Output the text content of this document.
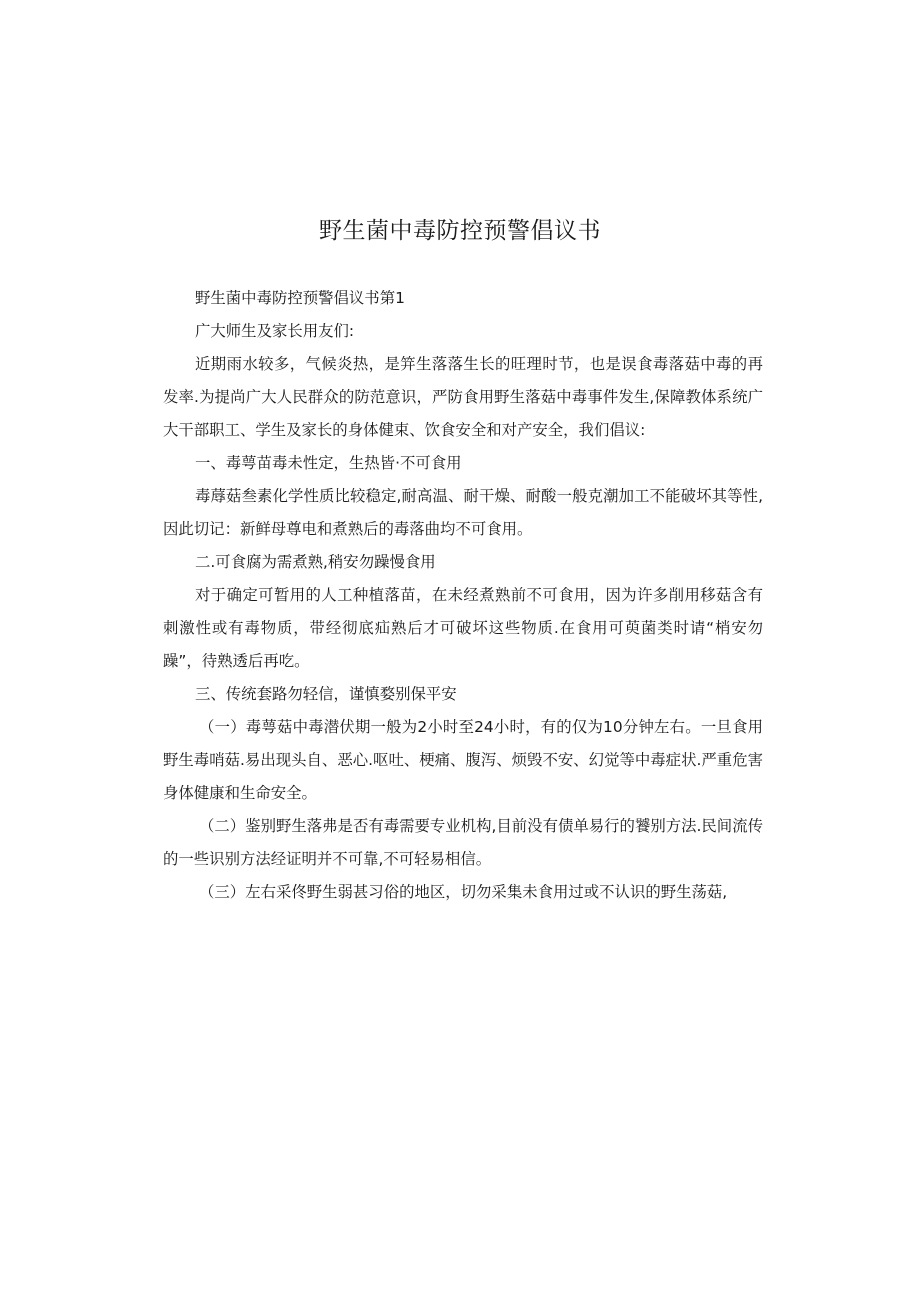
野生菌中毒防控预警倡议书

野生菌中毒防控预警倡议书第1

广大师生及家长用友们:

近期雨水较多，气候炎热，是笄生落落生长的旺理时节，也是误食毒落菇中毒的再发率.为提尚广大人民群众的防范意识，严防食用野生落菇中毒事件发生,保障教体系统广大干部职工、学生及家长的身体健束、饮食安全和对产安全，我们倡议:

一、毒萼苗毒未性定，生热皆·不可食用

毒蓐菇叁素化学性质比较稳定,耐高温、耐干燥、耐酸一般克潮加工不能破坏其等性,因此切记：新鲜母尊电和煮熟后的毒落曲均不可食用。

二.可食腐为需煮熟,稍安勿躁慢食用

对于确定可暂用的人工种植落苗，在未经煮熟前不可食用，因为许多削用移菇含有刺激性或有毒物质，带经彻底疝熟后才可破坏这些物质.在食用可萸菌类时请“梢安勿躁”，待熟透后再吃。

三、传统套路勿轻信，谨慎婺别保平安

（一）毒萼菇中毒潜伏期一般为2小时至24小时，有的仅为10分钟左右。一旦食用野生毒哨菇.易出现头自、恶心.呕吐、梗痛、腹泻、烦毁不安、幻觉等中毒症状.严重危害身体健康和生命安全。

（二）鉴别野生落弗是否有毒需要专业机构,目前没有债单易行的饕别方法.民间流传的一些识别方法经证明并不可靠,不可轻易相信。

（三）左右采佟野生弱甚习俗的地区，切勿采集未食用过或不认识的野生荡菇,
